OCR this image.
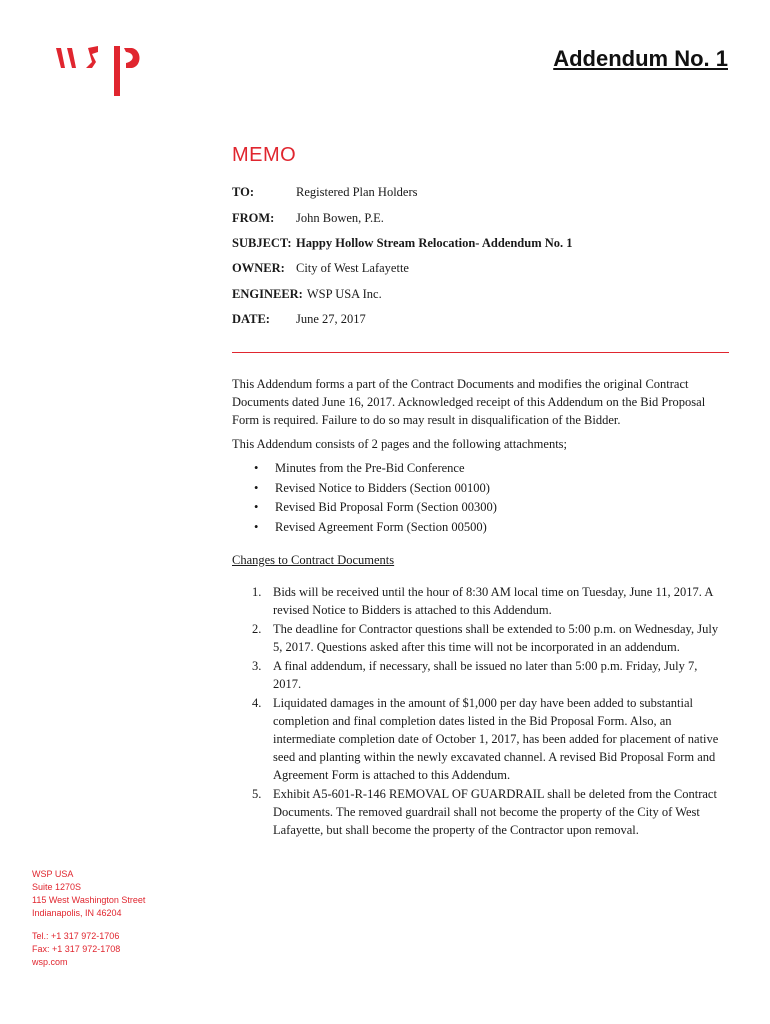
Addendum No. 1
MEMO
TO:	Registered Plan Holders
FROM:	John Bowen, P.E.
SUBJECT: Happy Hollow Stream Relocation- Addendum No. 1
OWNER: City of West Lafayette
ENGINEER: WSP USA Inc.
DATE:	June 27, 2017

This Addendum forms a part of the Contract Documents and modifies the original Contract Documents dated June 16, 2017. Acknowledged receipt of this Addendum on the Bid Proposal Form is required. Failure to do so may result in disqualification of the Bidder.

This Addendum consists of 2 pages and the following attachments;

• Minutes from the Pre-Bid Conference
• Revised Notice to Bidders (Section 00100)
• Revised Bid Proposal Form (Section 00300)
• Revised Agreement Form (Section 00500)

Changes to Contract Documents

1. Bids will be received until the hour of 8:30 AM local time on Tuesday, June 11, 2017. A revised Notice to Bidders is attached to this Addendum.
2. The deadline for Contractor questions shall be extended to 5:00 p.m. on Wednesday, July 5, 2017. Questions asked after this time will not be incorporated in an addendum.
3. A final addendum, if necessary, shall be issued no later than 5:00 p.m. Friday, July 7, 2017.
4. Liquidated damages in the amount of $1,000 per day have been added to substantial completion and final completion dates listed in the Bid Proposal Form. Also, an intermediate completion date of October 1, 2017, has been added for placement of native seed and planting within the newly excavated channel. A revised Bid Proposal Form and Agreement Form is attached to this Addendum.
5. Exhibit A5-601-R-146 REMOVAL OF GUARDRAIL shall be deleted from the Contract Documents. The removed guardrail shall not become the property of the City of West Lafayette, but shall become the property of the Contractor upon removal.
WSP USA
Suite 1270S
115 West Washington Street
Indianapolis, IN 46204
Tel.: +1 317 972-1706
Fax: +1 317 972-1708
wsp.com
